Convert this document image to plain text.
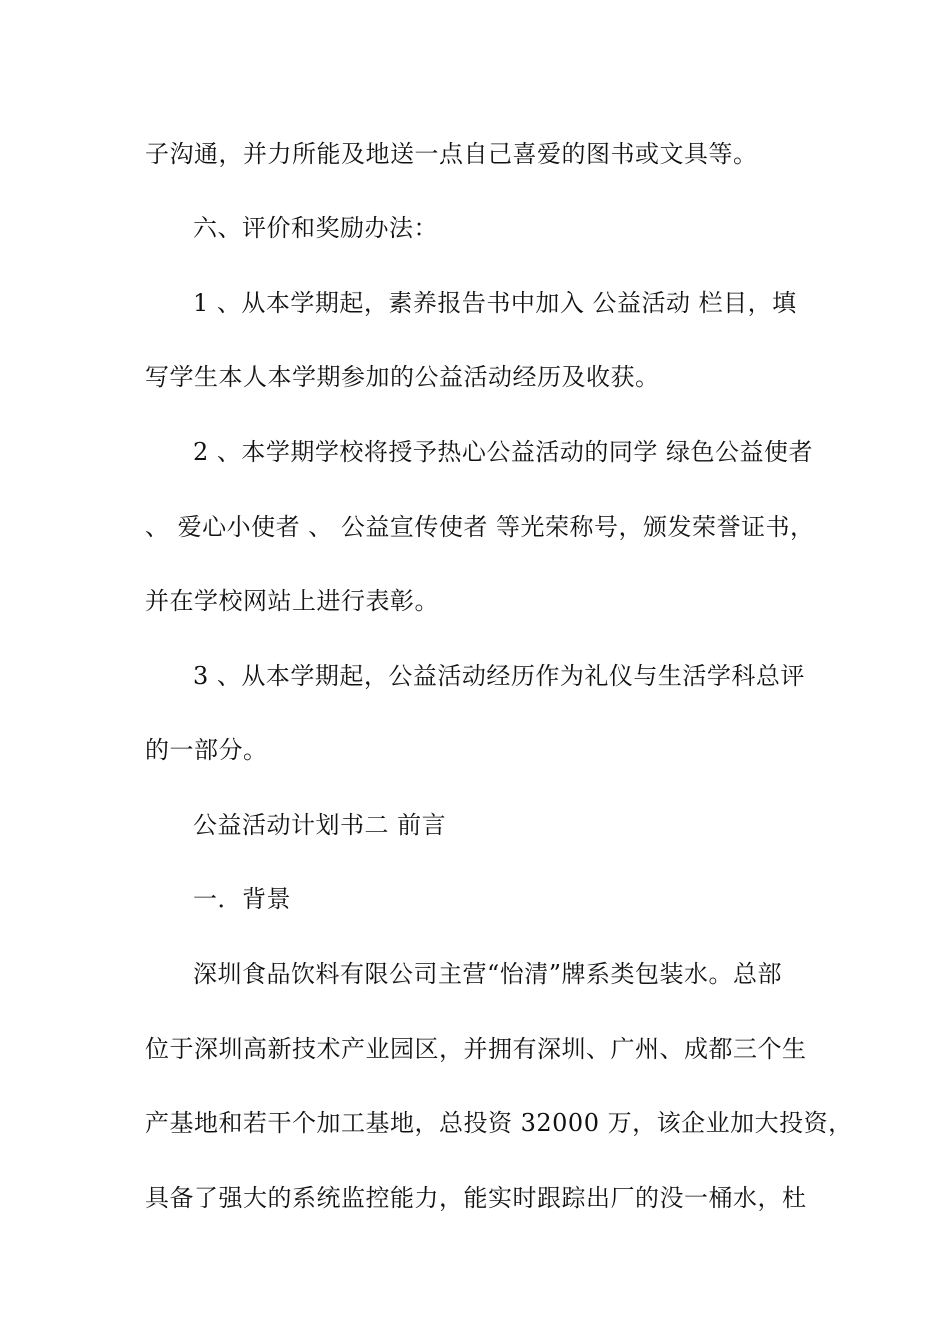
子沟通，并力所能及地送一点自己喜爱的图书或文具等。
六、评价和奖励办法：
1 、从本学期起，素养报告书中加入 公益活动 栏目，填
写学生本人本学期参加的公益活动经历及收获。
2 、本学期学校将授予热心公益活动的同学 绿色公益使者
、 爱心小使者 、 公益宣传使者 等光荣称号，颁发荣誉证书，
并在学校网站上进行表彰。
3 、从本学期起，公益活动经历作为礼仪与生活学科总评
的一部分。
公益活动计划书二 前言
一．背景
深圳食品饮料有限公司主营“怡清”牌系类包装水。总部
位于深圳高新技术产业园区，并拥有深圳、广州、成都三个生
产基地和若干个加工基地，总投资 32000 万，该企业加大投资，
具备了强大的系统监控能力，能实时跟踪出厂的没一桶水，杜
